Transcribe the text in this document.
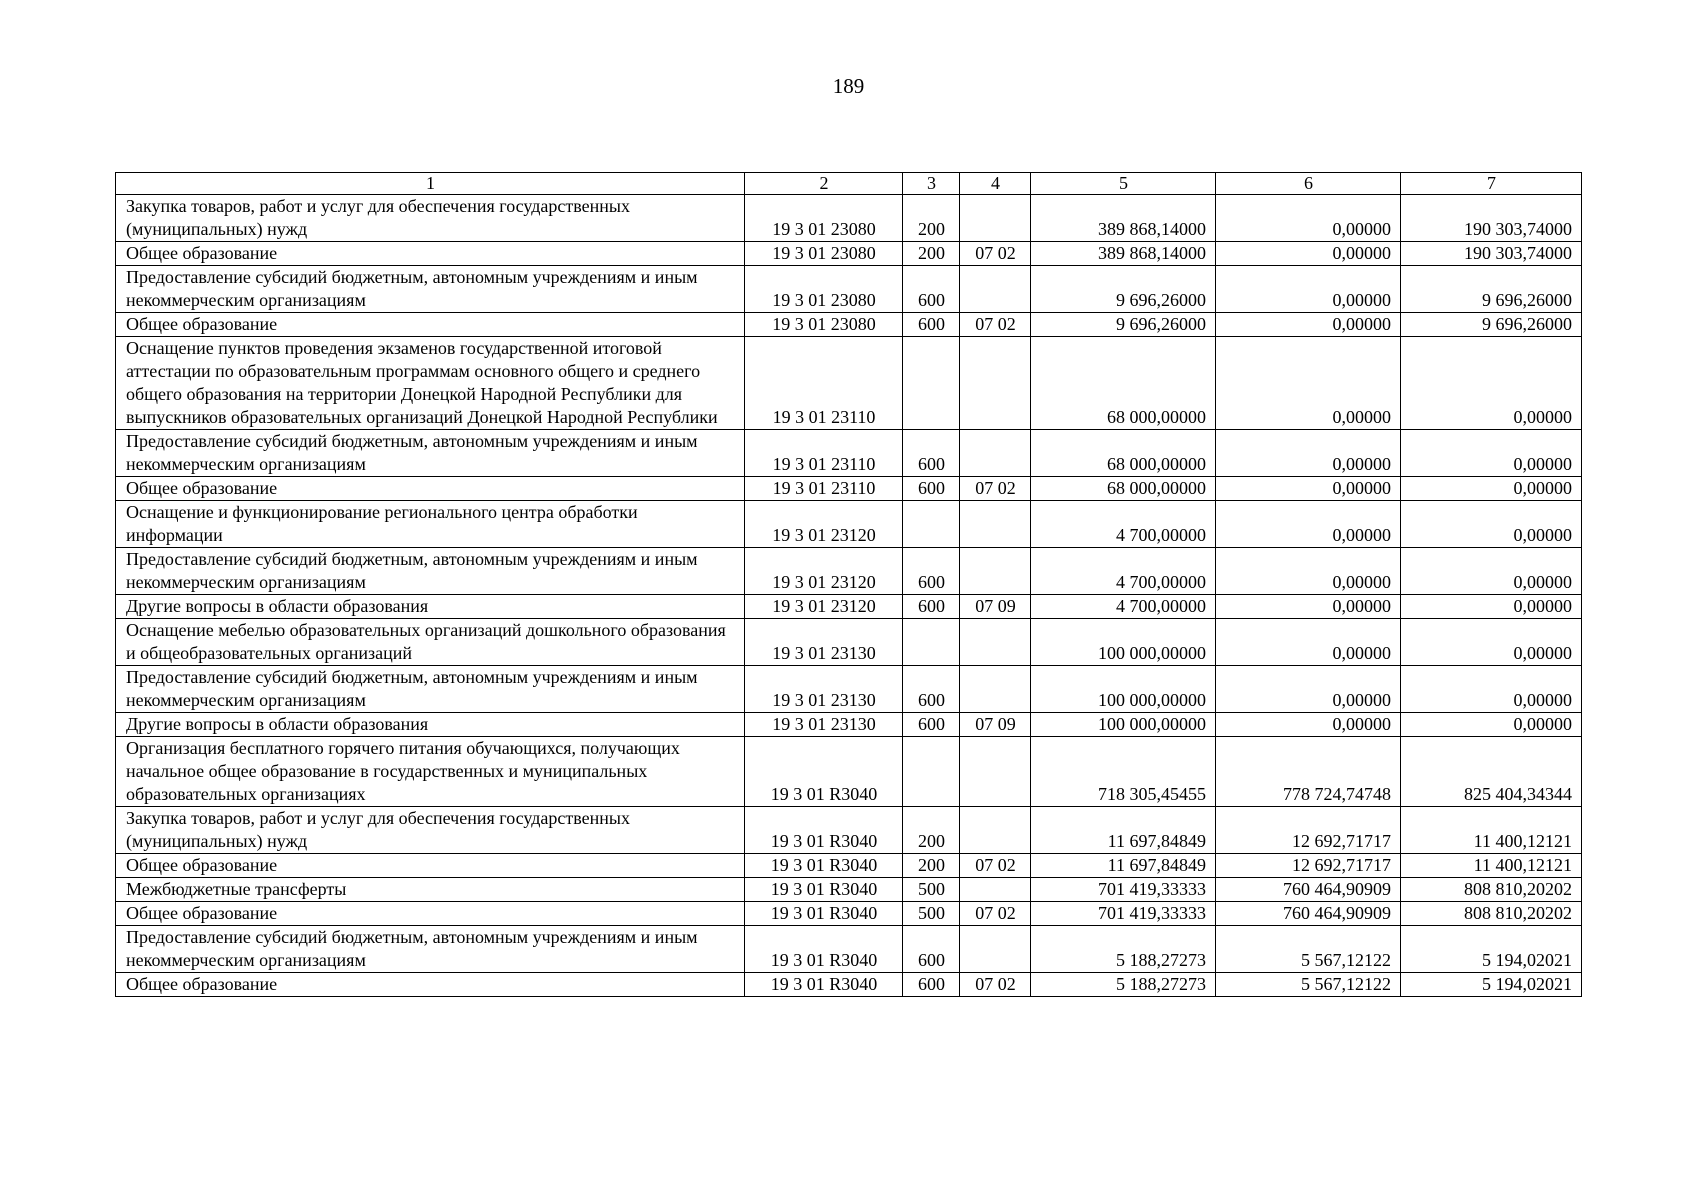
189
1	2	3	4	5	6	7
Закупка товаров, работ и услуг для обеспечения государственных (муниципальных) нужд	19 3 01 23080	200		389 868,14000	0,00000	190 303,74000
Общее образование	19 3 01 23080	200	07 02	389 868,14000	0,00000	190 303,74000
Предоставление субсидий бюджетным, автономным учреждениям и иным некоммерческим организациям	19 3 01 23080	600		9 696,26000	0,00000	9 696,26000
Общее образование	19 3 01 23080	600	07 02	9 696,26000	0,00000	9 696,26000
Оснащение пунктов проведения экзаменов государственной итоговой аттестации по образовательным программам основного общего и среднего общего образования на территории Донецкой Народной Республики для выпускников образовательных организаций Донецкой Народной Республики	19 3 01 23110			68 000,00000	0,00000	0,00000
Предоставление субсидий бюджетным, автономным учреждениям и иным некоммерческим организациям	19 3 01 23110	600		68 000,00000	0,00000	0,00000
Общее образование	19 3 01 23110	600	07 02	68 000,00000	0,00000	0,00000
Оснащение и функционирование регионального центра обработки информации	19 3 01 23120			4 700,00000	0,00000	0,00000
Предоставление субсидий бюджетным, автономным учреждениям и иным некоммерческим организациям	19 3 01 23120	600		4 700,00000	0,00000	0,00000
Другие вопросы в области образования	19 3 01 23120	600	07 09	4 700,00000	0,00000	0,00000
Оснащение мебелью образовательных организаций дошкольного образования и общеобразовательных организаций	19 3 01 23130			100 000,00000	0,00000	0,00000
Предоставление субсидий бюджетным, автономным учреждениям и иным некоммерческим организациям	19 3 01 23130	600		100 000,00000	0,00000	0,00000
Другие вопросы в области образования	19 3 01 23130	600	07 09	100 000,00000	0,00000	0,00000
Организация бесплатного горячего питания обучающихся, получающих начальное общее образование в государственных и муниципальных образовательных организациях	19 3 01 R3040			718 305,45455	778 724,74748	825 404,34344
Закупка товаров, работ и услуг для обеспечения государственных (муниципальных) нужд	19 3 01 R3040	200		11 697,84849	12 692,71717	11 400,12121
Общее образование	19 3 01 R3040	200	07 02	11 697,84849	12 692,71717	11 400,12121
Межбюджетные трансферты	19 3 01 R3040	500		701 419,33333	760 464,90909	808 810,20202
Общее образование	19 3 01 R3040	500	07 02	701 419,33333	760 464,90909	808 810,20202
Предоставление субсидий бюджетным, автономным учреждениям и иным некоммерческим организациям	19 3 01 R3040	600		5 188,27273	5 567,12122	5 194,02021
Общее образование	19 3 01 R3040	600	07 02	5 188,27273	5 567,12122	5 194,02021
